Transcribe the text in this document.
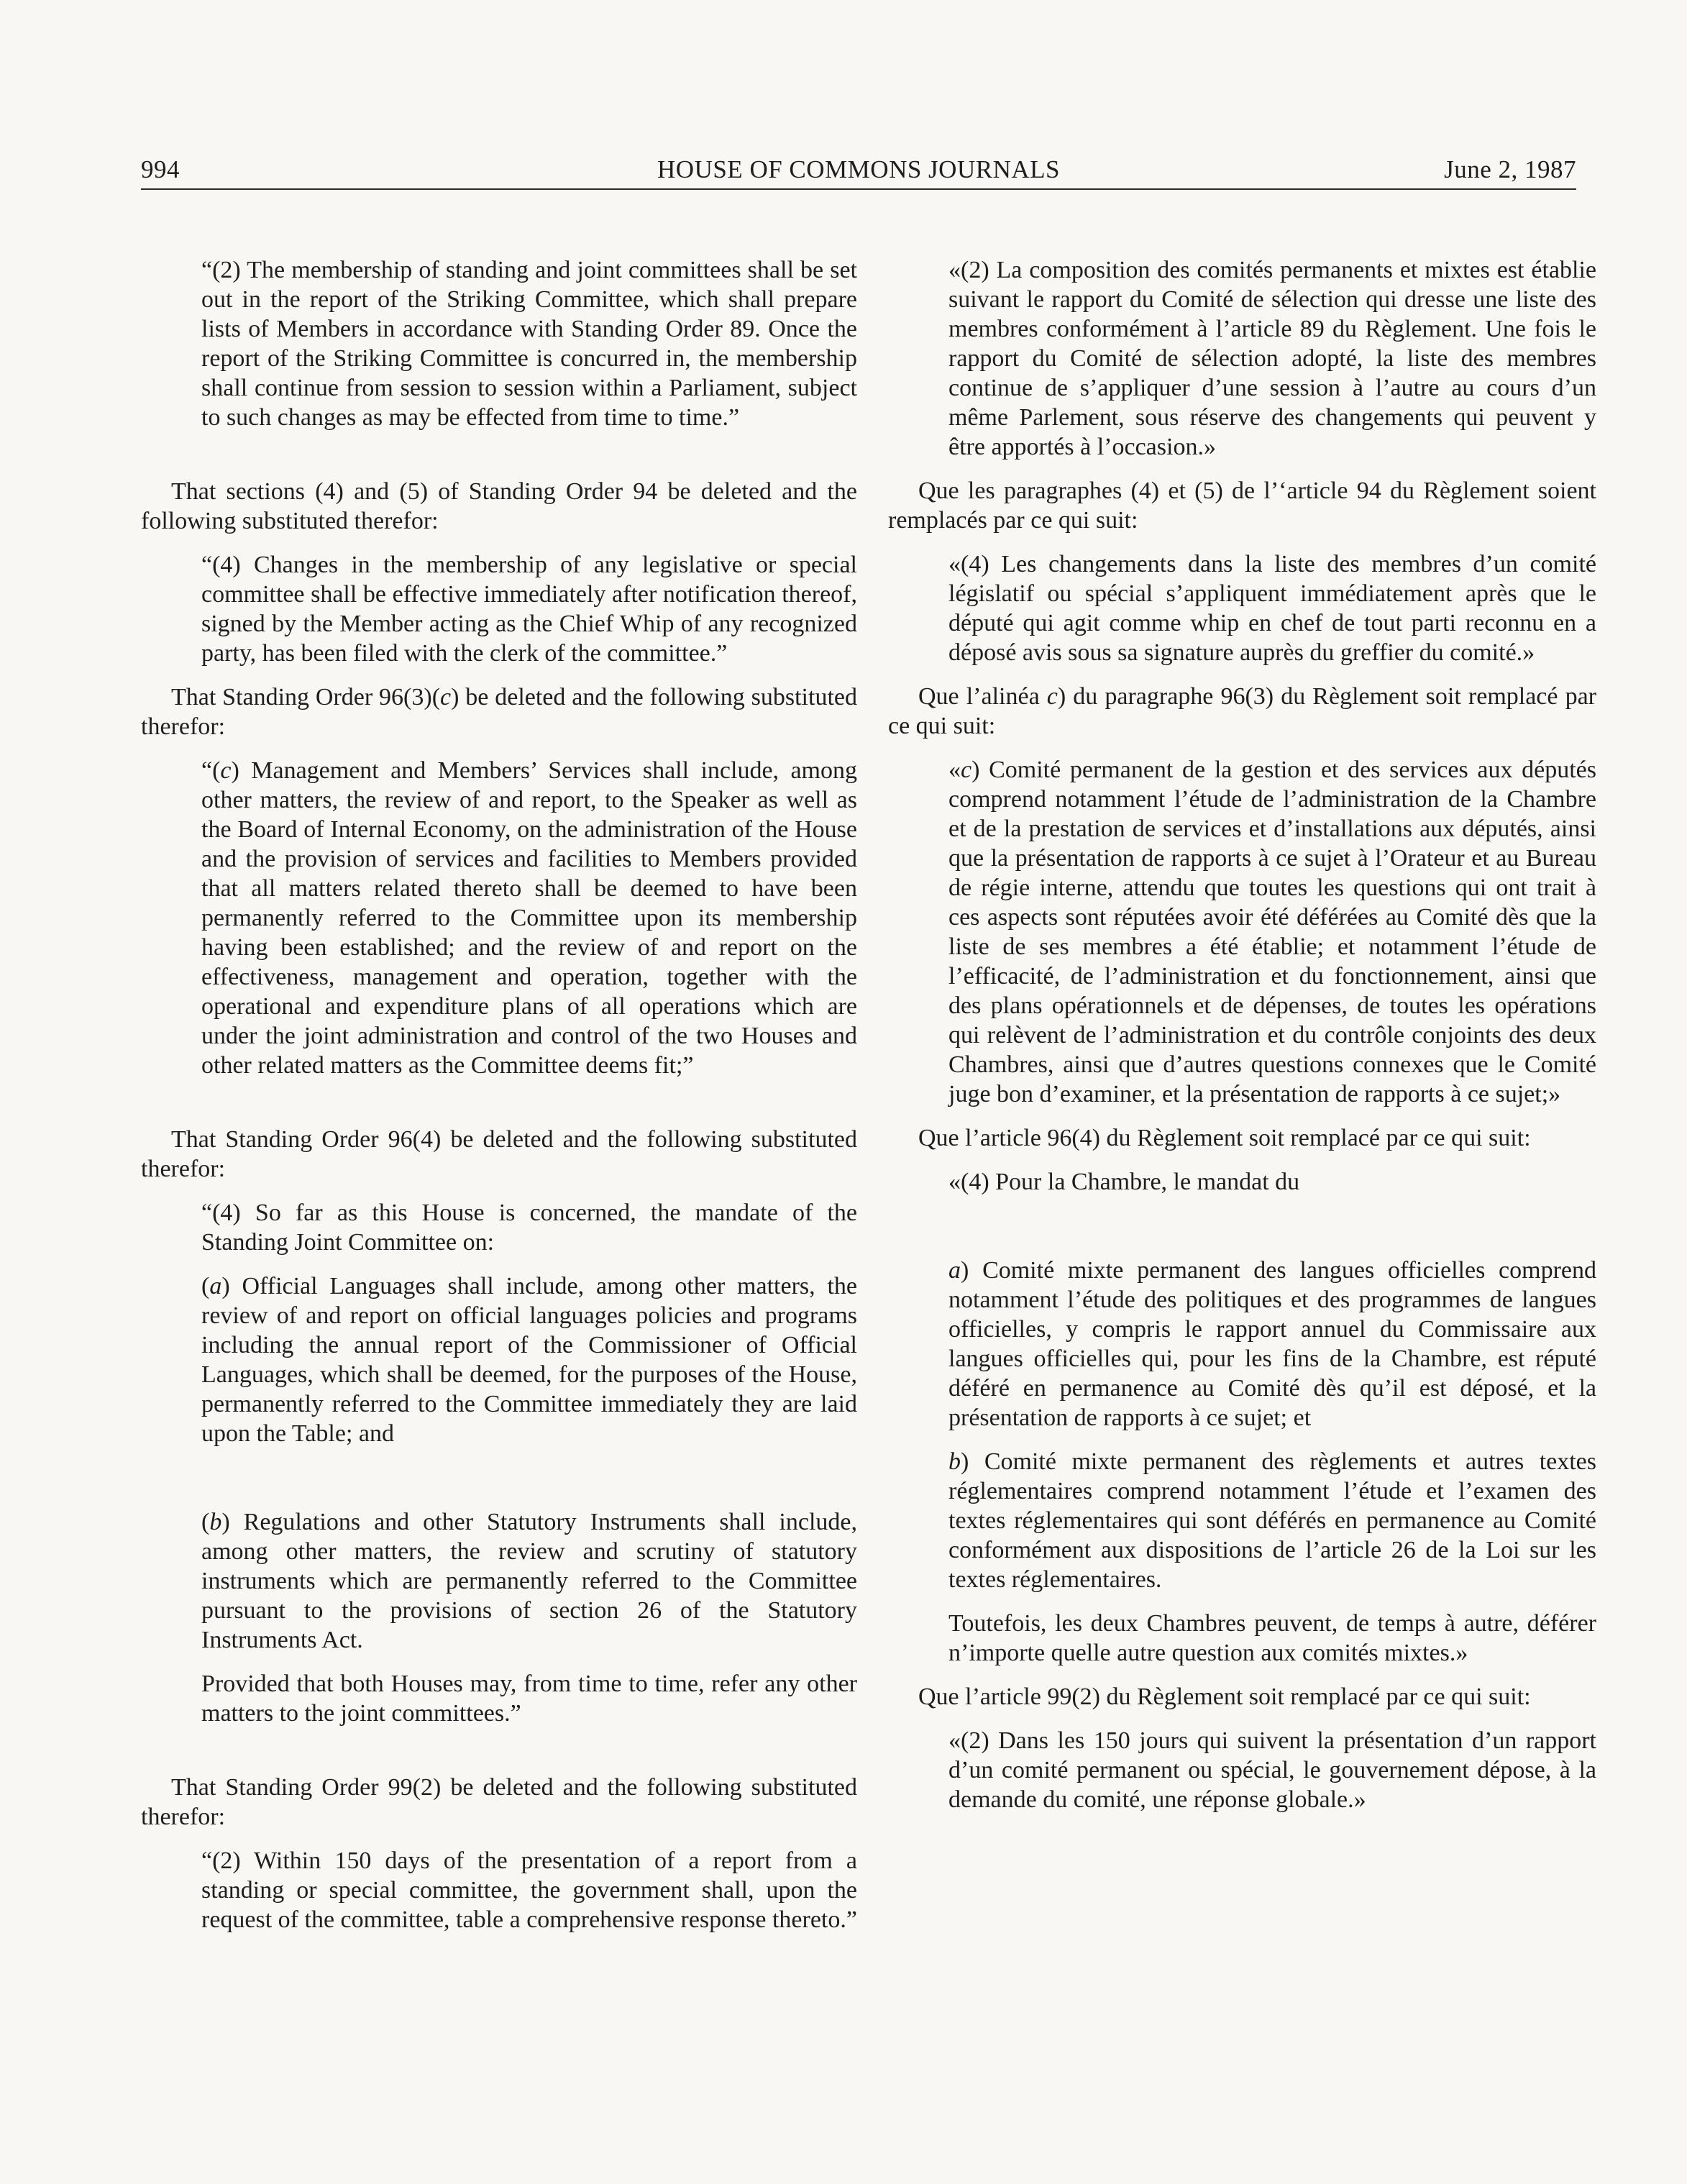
994	HOUSE OF COMMONS JOURNALS	June 2, 1987

“(2) The membership of standing and joint committees shall be set out in the report of the Striking Committee, which shall prepare lists of Members in accordance with Standing Order 89. Once the report of the Striking Committee is concurred in, the membership shall continue from session to session within a Parliament, subject to such changes as may be effected from time to time.”

That sections (4) and (5) of Standing Order 94 be deleted and the following substituted therefor:

“(4) Changes in the membership of any legislative or special committee shall be effective immediately after notification thereof, signed by the Member acting as the Chief Whip of any recognized party, has been filed with the clerk of the committee.”

That Standing Order 96(3)(c) be deleted and the following substituted therefor:

“(c) Management and Members’ Services shall include, among other matters, the review of and report, to the Speaker as well as the Board of Internal Economy, on the administration of the House and the provision of services and facilities to Members provided that all matters related thereto shall be deemed to have been permanently referred to the Committee upon its membership having been established; and the review of and report on the effectiveness, management and operation, together with the operational and expenditure plans of all operations which are under the joint administration and control of the two Houses and other related matters as the Committee deems fit;”

That Standing Order 96(4) be deleted and the following substituted therefor:

“(4) So far as this House is concerned, the mandate of the Standing Joint Committee on:

(a) Official Languages shall include, among other matters, the review of and report on official languages policies and programs including the annual report of the Commissioner of Official Languages, which shall be deemed, for the purposes of the House, permanently referred to the Committee immediately they are laid upon the Table; and

(b) Regulations and other Statutory Instruments shall include, among other matters, the review and scrutiny of statutory instruments which are permanently referred to the Committee pursuant to the provisions of section 26 of the Statutory Instruments Act.

Provided that both Houses may, from time to time, refer any other matters to the joint committees.”

That Standing Order 99(2) be deleted and the following substituted therefor:

“(2) Within 150 days of the presentation of a report from a standing or special committee, the government shall, upon the request of the committee, table a comprehensive response thereto.”

«(2) La composition des comités permanents et mixtes est établie suivant le rapport du Comité de sélection qui dresse une liste des membres conformément à l’article 89 du Règlement. Une fois le rapport du Comité de sélection adopté, la liste des membres continue de s’appliquer d’une session à l’autre au cours d’un même Parlement, sous réserve des changements qui peuvent y être apportés à l’occasion.»

Que les paragraphes (4) et (5) de l’‘article 94 du Règlement soient remplacés par ce qui suit:

«(4) Les changements dans la liste des membres d’un comité législatif ou spécial s’appliquent immédiatement après que le député qui agit comme whip en chef de tout parti reconnu en a déposé avis sous sa signature auprès du greffier du comité.»

Que l’alinéa c) du paragraphe 96(3) du Règlement soit remplacé par ce qui suit:

«c) Comité permanent de la gestion et des services aux députés comprend notamment l’étude de l’administration de la Chambre et de la prestation de services et d’installations aux députés, ainsi que la présentation de rapports à ce sujet à l’Orateur et au Bureau de régie interne, attendu que toutes les questions qui ont trait à ces aspects sont réputées avoir été déférées au Comité dès que la liste de ses membres a été établie; et notamment l’étude de l’efficacité, de l’administration et du fonctionnement, ainsi que des plans opérationnels et de dépenses, de toutes les opérations qui relèvent de l’administration et du contrôle conjoints des deux Chambres, ainsi que d’autres questions connexes que le Comité juge bon d’examiner, et la présentation de rapports à ce sujet;»

Que l’article 96(4) du Règlement soit remplacé par ce qui suit:

«(4) Pour la Chambre, le mandat du

a) Comité mixte permanent des langues officielles comprend notamment l’étude des politiques et des programmes de langues officielles, y compris le rapport annuel du Commissaire aux langues officielles qui, pour les fins de la Chambre, est réputé déféré en permanence au Comité dès qu’il est déposé, et la présentation de rapports à ce sujet; et

b) Comité mixte permanent des règlements et autres textes réglementaires comprend notamment l’étude et l’examen des textes réglementaires qui sont déférés en permanence au Comité conformément aux dispositions de l’article 26 de la Loi sur les textes réglementaires.

Toutefois, les deux Chambres peuvent, de temps à autre, déférer n’importe quelle autre question aux comités mixtes.»

Que l’article 99(2) du Règlement soit remplacé par ce qui suit:

«(2) Dans les 150 jours qui suivent la présentation d’un rapport d’un comité permanent ou spécial, le gouvernement dépose, à la demande du comité, une réponse globale.»
